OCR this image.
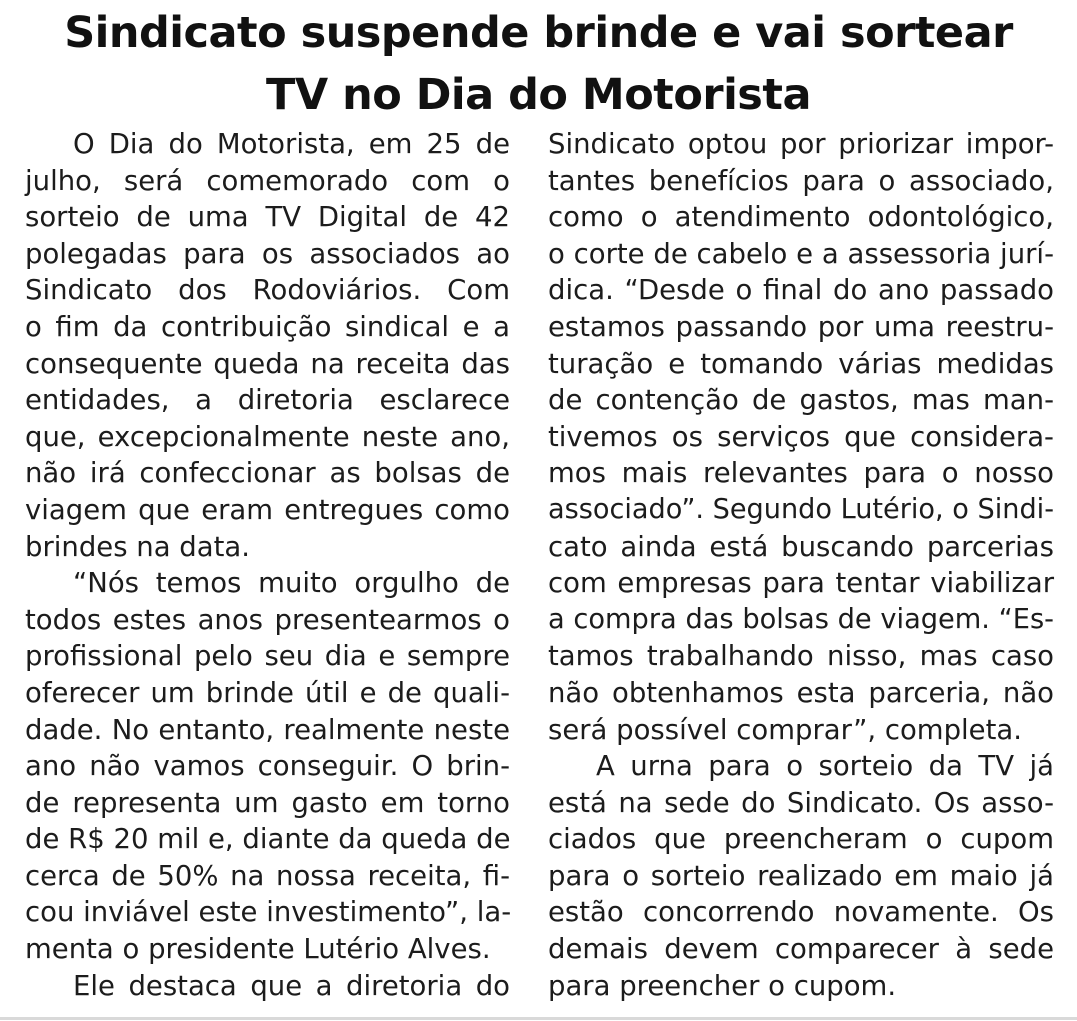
Sindicato suspende brinde e vai sortear
TV no Dia do Motorista
O Dia do Motorista, em 25 de
julho, será comemorado com o
sorteio de uma TV Digital de 42
polegadas para os associados ao
Sindicato dos Rodoviários. Com
o fim da contribuição sindical e a
consequente queda na receita das
entidades, a diretoria esclarece
que, excepcionalmente neste ano,
não irá confeccionar as bolsas de
viagem que eram entregues como
brindes na data.
“Nós temos muito orgulho de
todos estes anos presentearmos o
profissional pelo seu dia e sempre
oferecer um brinde útil e de quali-
dade. No entanto, realmente neste
ano não vamos conseguir. O brin-
de representa um gasto em torno
de R$ 20 mil e, diante da queda de
cerca de 50% na nossa receita, fi-
cou inviável este investimento”, la-
menta o presidente Lutério Alves.
Ele destaca que a diretoria do
Sindicato optou por priorizar impor-
tantes benefícios para o associado,
como o atendimento odontológico,
o corte de cabelo e a assessoria jurí-
dica. “Desde o final do ano passado
estamos passando por uma reestru-
turação e tomando várias medidas
de contenção de gastos, mas man-
tivemos os serviços que considera-
mos mais relevantes para o nosso
associado”. Segundo Lutério, o Sindi-
cato ainda está buscando parcerias
com empresas para tentar viabilizar
a compra das bolsas de viagem. “Es-
tamos trabalhando nisso, mas caso
não obtenhamos esta parceria, não
será possível comprar”, completa.
A urna para o sorteio da TV já
está na sede do Sindicato. Os asso-
ciados que preencheram o cupom
para o sorteio realizado em maio já
estão concorrendo novamente. Os
demais devem comparecer à sede
para preencher o cupom.
